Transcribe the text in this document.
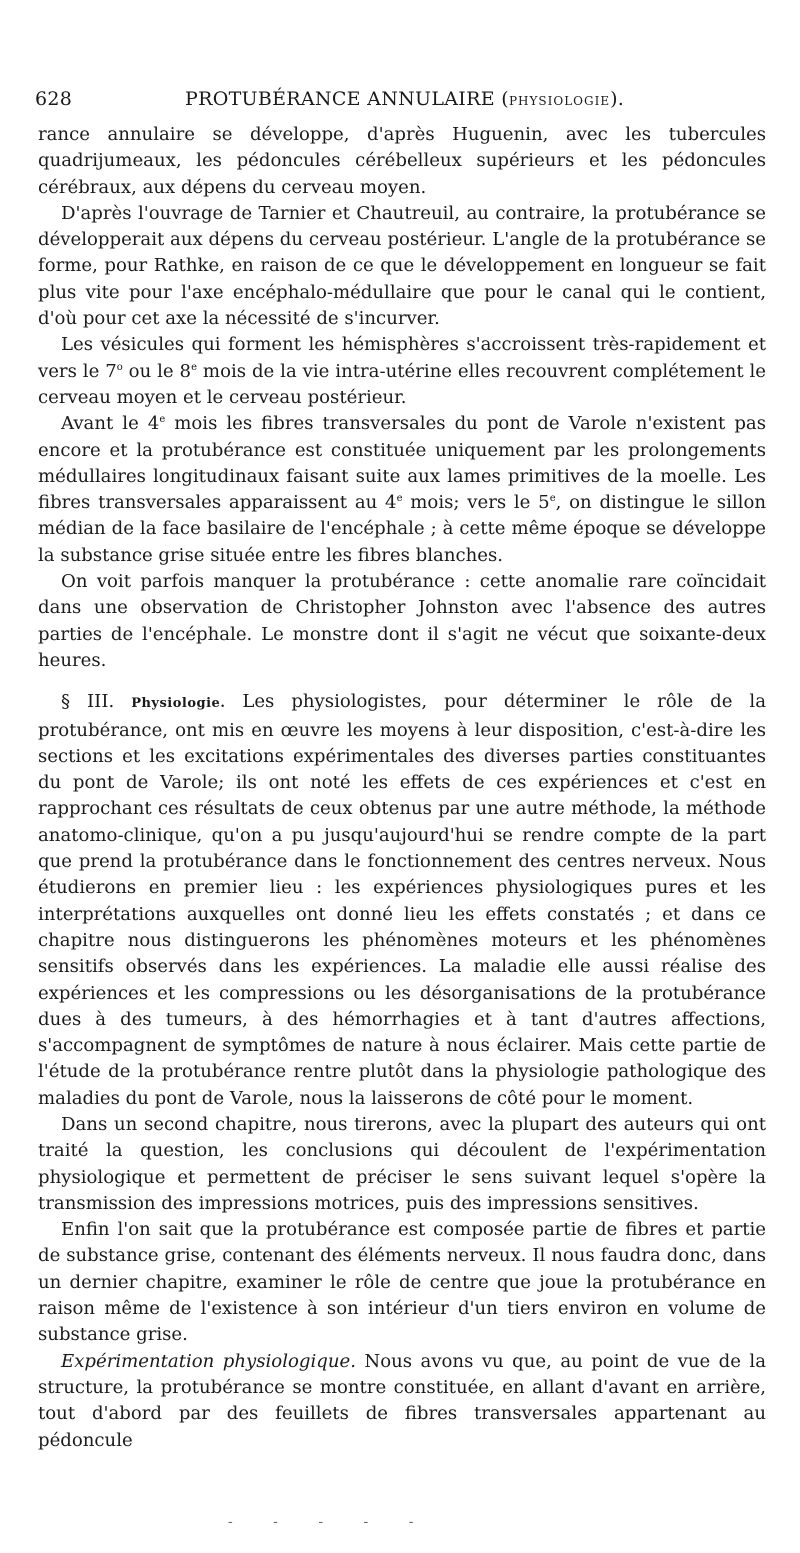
628	PROTUBÉRANCE ANNULAIRE (PHYSIOLOGIE).

rance annulaire se développe, d'après Huguenin, avec les tubercules quadrijumeaux, les pédoncules cérébelleux supérieurs et les pédoncules cérébraux, aux dépens du cerveau moyen.

D'après l'ouvrage de Tarnier et Chautreuil, au contraire, la protubérance se développerait aux dépens du cerveau postérieur. L'angle de la protubérance se forme, pour Rathke, en raison de ce que le développement en longueur se fait plus vite pour l'axe encéphalo-médullaire que pour le canal qui le contient, d'où pour cet axe la nécessité de s'incurver.

Les vésicules qui forment les hémisphères s'accroissent très-rapidement et vers le 7$^o$ ou le 8e mois de la vie intra-utérine elles recouvrent complétement le cerveau moyen et le cerveau postérieur.

Avant le 4e mois les fibres transversales du pont de Varole n'existent pas encore et la protubérance est constituée uniquement par les prolongements médullaires longitudinaux faisant suite aux lames primitives de la moelle. Les fibres transversales apparaissent au 4e mois; vers le 5e, on distingue le sillon médian de la face basilaire de l'encéphale ; à cette même époque se développe la substance grise située entre les fibres blanches.

On voit parfois manquer la protubérance : cette anomalie rare coïncidait dans une observation de Christopher Johnston avec l'absence des autres parties de l'encéphale. Le monstre dont il s'agit ne vécut que soixante-deux heures.

§ III. Physiologie. Les physiologistes, pour déterminer le rôle de la protubérance, ont mis en œuvre les moyens à leur disposition, c'est-à-dire les sections et les excitations expérimentales des diverses parties constituantes du pont de Varole; ils ont noté les effets de ces expériences et c'est en rapprochant ces résultats de ceux obtenus par une autre méthode, la méthode anatomo-clinique, qu'on a pu jusqu'aujourd'hui se rendre compte de la part que prend la protubérance dans le fonctionnement des centres nerveux. Nous étudierons en premier lieu : les expériences physiologiques pures et les interprétations auxquelles ont donné lieu les effets constatés ; et dans ce chapitre nous distinguerons les phénomènes moteurs et les phénomènes sensitifs observés dans les expériences. La maladie elle aussi réalise des expériences et les compressions ou les désorganisations de la protubérance dues à des tumeurs, à des hémorrhagies et à tant d'autres affections, s'accompagnent de symptômes de nature à nous éclairer. Mais cette partie de l'étude de la protubérance rentre plutôt dans la physiologie pathologique des maladies du pont de Varole, nous la laisserons de côté pour le moment.

Dans un second chapitre, nous tirerons, avec la plupart des auteurs qui ont traité la question, les conclusions qui découlent de l'expérimentation physiologique et permettent de préciser le sens suivant lequel s'opère la transmission des impressions motrices, puis des impressions sensitives.

Enfin l'on sait que la protubérance est composée partie de fibres et partie de substance grise, contenant des éléments nerveux. Il nous faudra donc, dans un dernier chapitre, examiner le rôle de centre que joue la protubérance en raison même de l'existence à son intérieur d'un tiers environ en volume de substance grise.

Expérimentation physiologique. Nous avons vu que, au point de vue de la structure, la protubérance se montre constituée, en allant d'avant en arrière, tout d'abord par des feuillets de fibres transversales appartenant au pédoncule

- - - - -
